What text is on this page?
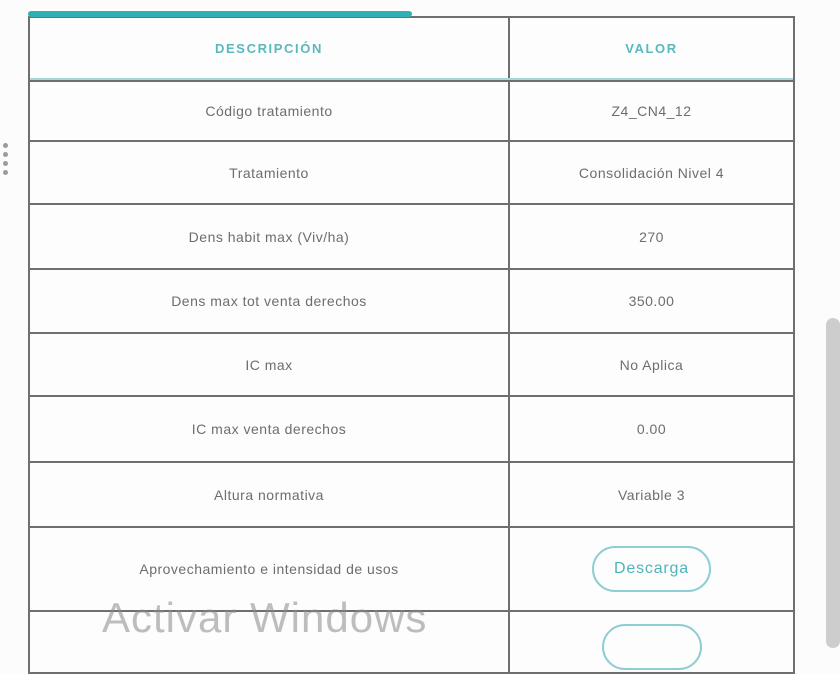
DESCRIPCIÓN	VALOR
Código tratamiento	Z4_CN4_12
Tratamiento	Consolidación Nivel 4
Dens habit max (Viv/ha)	270
Dens max tot venta derechos	350.00
IC max	No Aplica
IC max venta derechos	0.00
Altura normativa	Variable 3
Aprovechamiento e intensidad de usos	Descarga
Activar Windows
